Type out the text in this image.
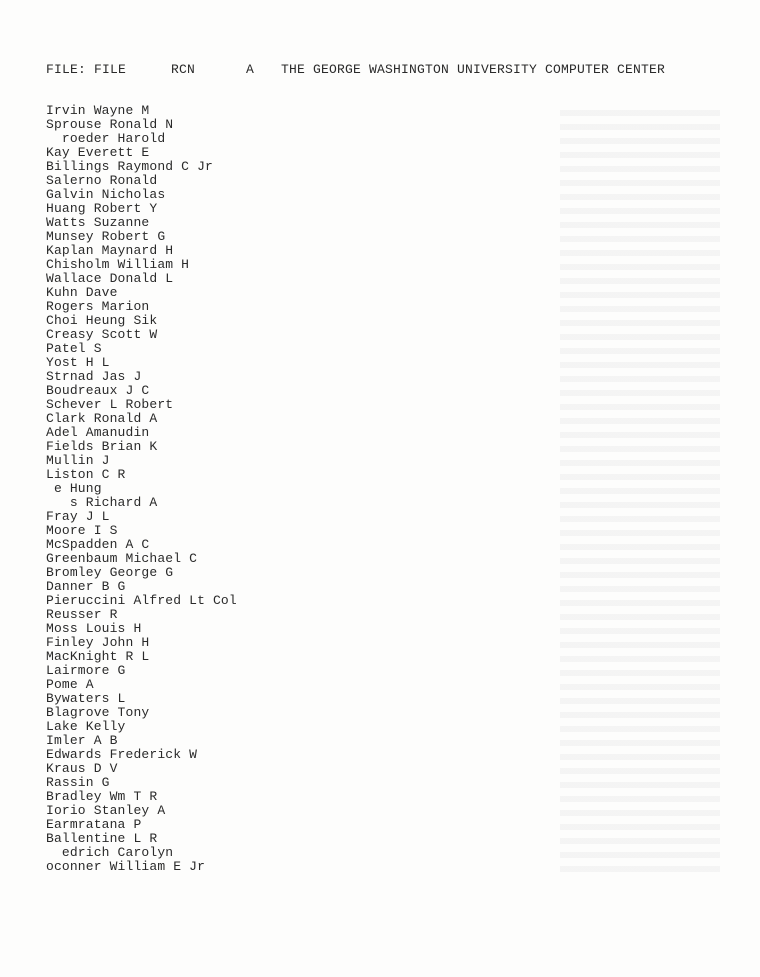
FILE: FILE

	RCN

	A

THE GEORGE WASHINGTON UNIVERSITY COMPUTER CENTER

Irvin Wayne M
Sprouse Ronald N
roeder Harold
Kay Everett E
Billings Raymond C Jr
Salerno Ronald
Galvin Nicholas
Huang Robert Y
Watts Suzanne
Munsey Robert G
Kaplan Maynard H
Chisholm William H
Wallace Donald L
Kuhn Dave
Rogers Marion
Choi Heung Sik
Creasy Scott W
Patel S
Yost H L
Strnad Jas J
Boudreaux J C
Schever L Robert
Clark Ronald A
Adel Amanudin
Fields Brian K
Mullin J
Liston C R
e Hung
s Richard A
Fray J L
Moore I S
McSpadden A C
Greenbaum Michael C
Bromley George G
Danner B G
Pieruccini Alfred Lt Col
Reusser R
Moss Louis H
Finley John H
MacKnight R L
Lairmore G
Pome A
Bywaters L
Blagrove Tony
Lake Kelly
Imler A B
Edwards Frederick W
Kraus D V
Rassin G
Bradley Wm T R
Iorio Stanley A
Earmratana P
Ballentine L R
edrich Carolyn
oconner William E Jr
